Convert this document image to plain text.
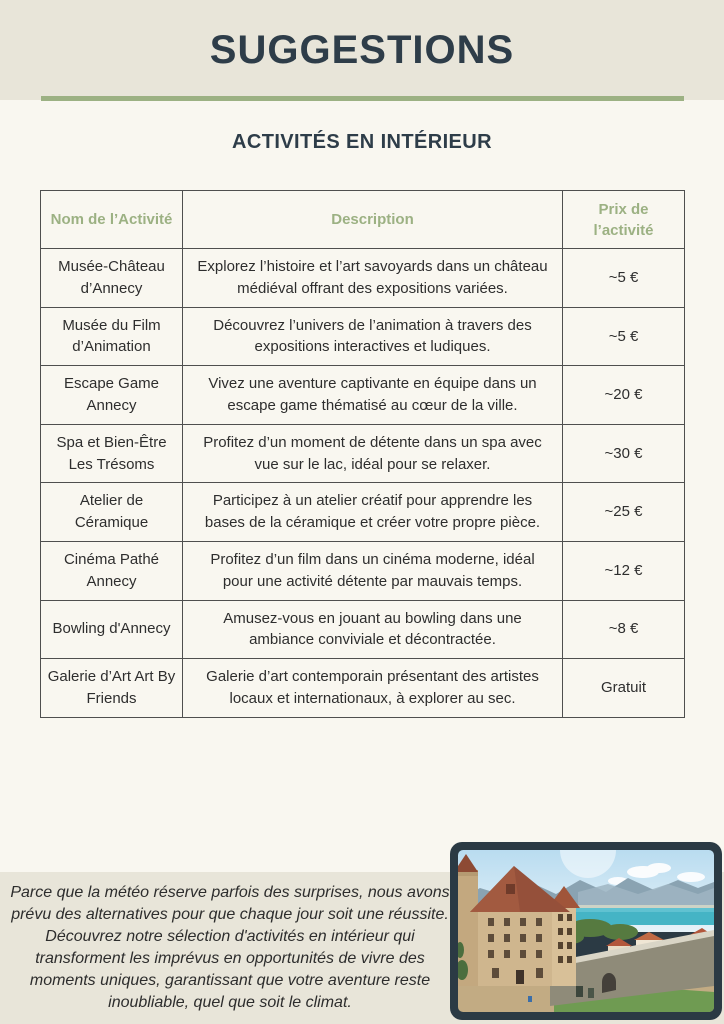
SUGGESTIONS
ACTIVITÉS EN INTÉRIEUR
Nom de l’Activité	Description	Prix de l’activité
Musée-Château d’Annecy	Explorez l’histoire et l’art savoyards dans un château médiéval offrant des expositions variées.	~5 €
Musée du Film d’Animation	Découvrez l’univers de l’animation à travers des expositions interactives et ludiques.	~5 €
Escape Game Annecy	Vivez une aventure captivante en équipe dans un escape game thématisé au cœur de la ville.	~20 €
Spa et Bien-Être Les Trésoms	Profitez d’un moment de détente dans un spa avec vue sur le lac, idéal pour se relaxer.	~30 €
Atelier de Céramique	Participez à un atelier créatif pour apprendre les bases de la céramique et créer votre propre pièce.	~25 €
Cinéma Pathé Annecy	Profitez d’un film dans un cinéma moderne, idéal pour une activité détente par mauvais temps.	~12 €
Bowling d'Annecy	Amusez-vous en jouant au bowling dans une ambiance conviviale et décontractée.	~8 €
Galerie d’Art Art By Friends	Galerie d’art contemporain présentant des artistes locaux et internationaux, à explorer au sec.	Gratuit

Parce que la météo réserve parfois des surprises, nous avons prévu des alternatives pour que chaque jour soit une réussite. Découvrez notre sélection d'activités en intérieur qui transforment les imprévus en opportunités de vivre des moments uniques, garantissant que votre aventure reste inoubliable, quel que soit le climat.
